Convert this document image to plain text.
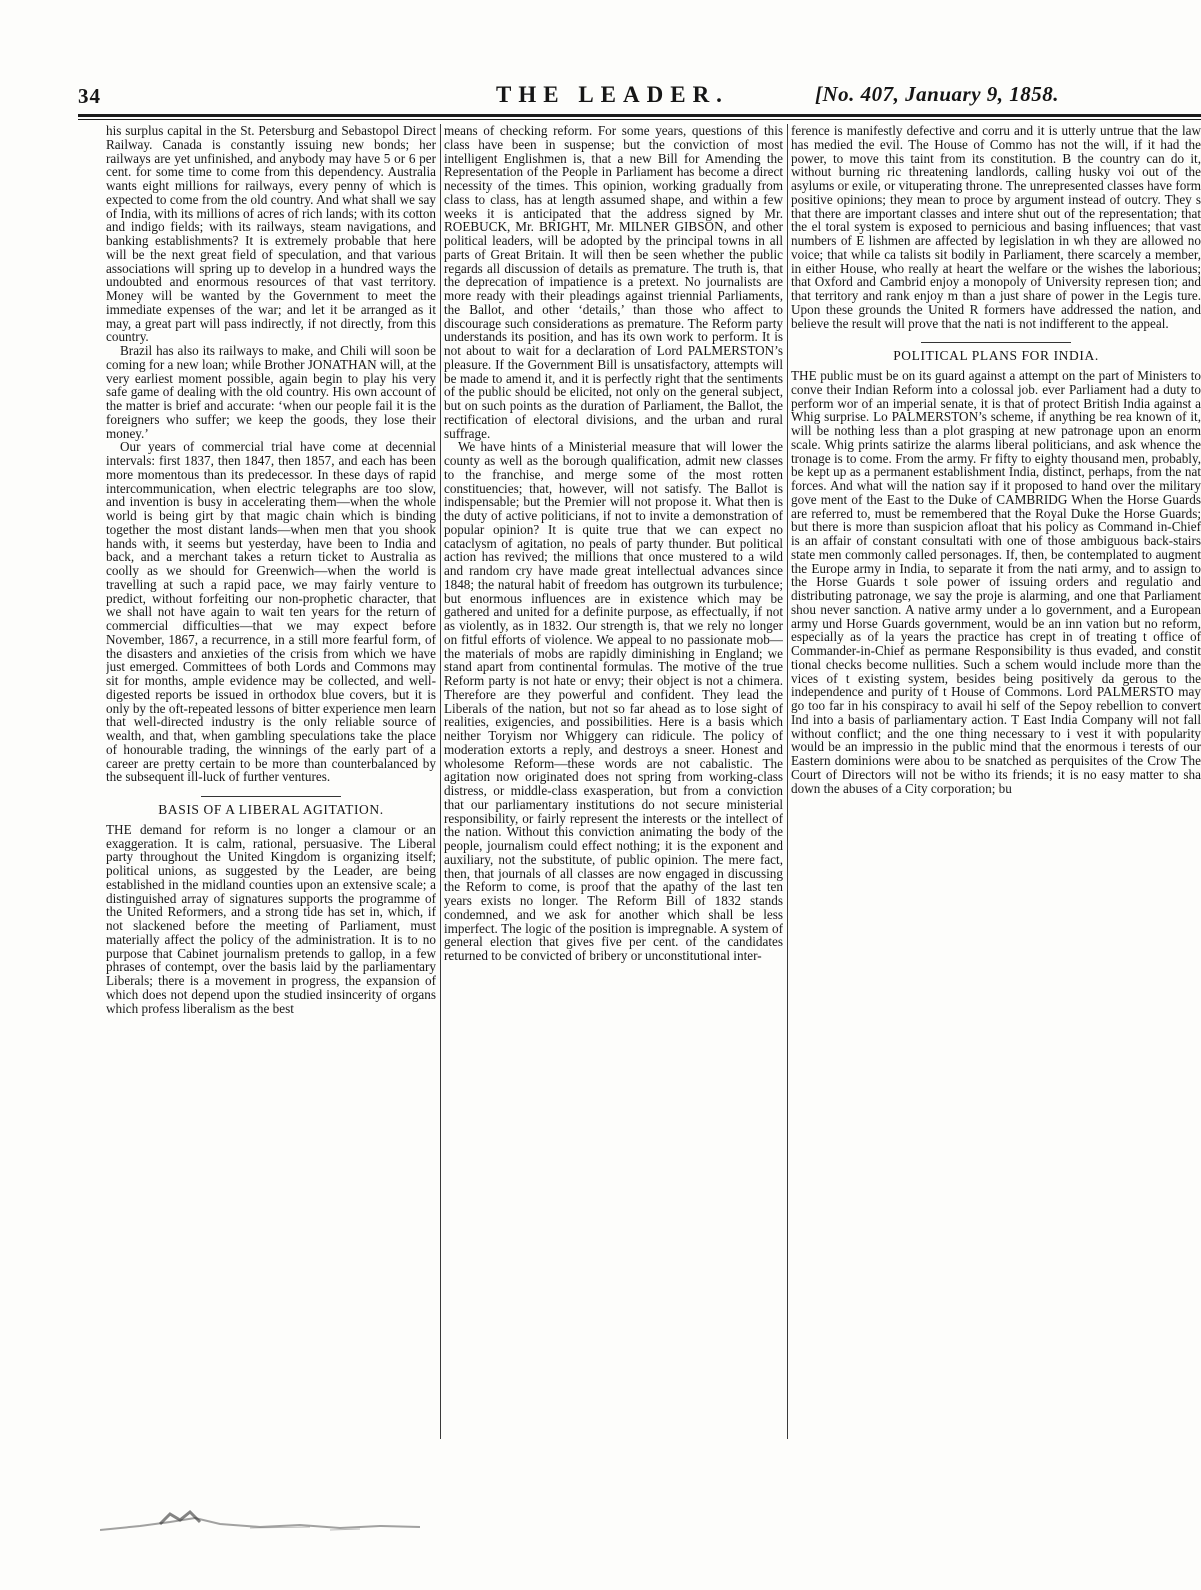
34	THE LEADER.	[No. 407, January 9, 1858.

his surplus capital in the St. Petersburg and Sebastopol Direct Railway. Canada is constantly issuing new bonds; her railways are yet unfinished, and anybody may have 5 or 6 per cent. for some time to come from this dependency. Australia wants eight millions for railways, every penny of which is expected to come from the old country. And what shall we say of India, with its millions of acres of rich lands; with its cotton and indigo fields; with its railways, steam navigations, and banking establishments? It is extremely probable that here will be the next great field of speculation, and that various associations will spring up to develop in a hundred ways the undoubted and enormous resources of that vast territory. Money will be wanted by the Government to meet the immediate expenses of the war; and let it be arranged as it may, a great part will pass indirectly, if not directly, from this country.

Brazil has also its railways to make, and Chili will soon be coming for a new loan; while Brother JONATHAN will, at the very earliest moment possible, again begin to play his very safe game of dealing with the old country. His own account of the matter is brief and accurate: ‘when our people fail it is the foreigners who suffer; we keep the goods, they lose their money.’

Our years of commercial trial have come at decennial intervals: first 1837, then 1847, then 1857, and each has been more momentous than its predecessor. In these days of rapid intercommunication, when electric telegraphs are too slow, and invention is busy in accelerating them—when the whole world is being girt by that magic chain which is binding together the most distant lands—when men that you shook hands with, it seems but yesterday, have been to India and back, and a merchant takes a return ticket to Australia as coolly as we should for Greenwich—when the world is travelling at such a rapid pace, we may fairly venture to predict, without forfeiting our non-prophetic character, that we shall not have again to wait ten years for the return of commercial difficulties—that we may expect before November, 1867, a recurrence, in a still more fearful form, of the disasters and anxieties of the crisis from which we have just emerged. Committees of both Lords and Commons may sit for months, ample evidence may be collected, and well-digested reports be issued in orthodox blue covers, but it is only by the oft-repeated lessons of bitter experience men learn that well-directed industry is the only reliable source of wealth, and that, when gambling speculations take the place of honourable trading, the winnings of the early part of a career are pretty certain to be more than counterbalanced by the subsequent ill-luck of further ventures.

BASIS OF A LIBERAL AGITATION.

THE demand for reform is no longer a clamour or an exaggeration. It is calm, rational, persuasive. The Liberal party throughout the United Kingdom is organizing itself; political unions, as suggested by the Leader, are being established in the midland counties upon an extensive scale; a distinguished array of signatures supports the programme of the United Reformers, and a strong tide has set in, which, if not slackened before the meeting of Parliament, must materially affect the policy of the administration. It is to no purpose that Cabinet journalism pretends to gallop, in a few phrases of contempt, over the basis laid by the parliamentary Liberals; there is a movement in progress, the expansion of which does not depend upon the studied insincerity of organs which profess liberalism as the best

means of checking reform. For some years, questions of this class have been in suspense; but the conviction of most intelligent Englishmen is, that a new Bill for Amending the Representation of the People in Parliament has become a direct necessity of the times. This opinion, working gradually from class to class, has at length assumed shape, and within a few weeks it is anticipated that the address signed by Mr. ROEBUCK, Mr. BRIGHT, Mr. MILNER GIBSON, and other political leaders, will be adopted by the principal towns in all parts of Great Britain. It will then be seen whether the public regards all discussion of details as premature. The truth is, that the deprecation of impatience is a pretext. No journalists are more ready with their pleadings against triennial Parliaments, the Ballot, and other ‘details,’ than those who affect to discourage such considerations as premature. The Reform party understands its position, and has its own work to perform. It is not about to wait for a declaration of Lord PALMERSTON’s pleasure. If the Government Bill is unsatisfactory, attempts will be made to amend it, and it is perfectly right that the sentiments of the public should be elicited, not only on the general subject, but on such points as the duration of Parliament, the Ballot, the rectification of electoral divisions, and the urban and rural suffrage.

We have hints of a Ministerial measure that will lower the county as well as the borough qualification, admit new classes to the franchise, and merge some of the most rotten constituencies; that, however, will not satisfy. The Ballot is indispensable; but the Premier will not propose it. What then is the duty of active politicians, if not to invite a demonstration of popular opinion? It is quite true that we can expect no cataclysm of agitation, no peals of party thunder. But political action has revived; the millions that once mustered to a wild and random cry have made great intellectual advances since 1848; the natural habit of freedom has outgrown its turbulence; but enormous influences are in existence which may be gathered and united for a definite purpose, as effectually, if not as violently, as in 1832. Our strength is, that we rely no longer on fitful efforts of violence. We appeal to no passionate mob—the materials of mobs are rapidly diminishing in England; we stand apart from continental formulas. The motive of the true Reform party is not hate or envy; their object is not a chimera. Therefore are they powerful and confident. They lead the Liberals of the nation, but not so far ahead as to lose sight of realities, exigencies, and possibilities. Here is a basis which neither Toryism nor Whiggery can ridicule. The policy of moderation extorts a reply, and destroys a sneer. Honest and wholesome Reform—these words are not cabalistic. The agitation now originated does not spring from working-class distress, or middle-class exasperation, but from a conviction that our parliamentary institutions do not secure ministerial responsibility, or fairly represent the interests or the intellect of the nation. Without this conviction animating the body of the people, journalism could effect nothing; it is the exponent and auxiliary, not the substitute, of public opinion. The mere fact, then, that journals of all classes are now engaged in discussing the Reform to come, is proof that the apathy of the last ten years exists no longer. The Reform Bill of 1832 stands condemned, and we ask for another which shall be less imperfect. The logic of the position is impregnable. A system of general election that gives five per cent. of the candidates returned to be convicted of bribery or unconstitutional inter-

ference is manifestly defective and corru and it is utterly untrue that the law has medied the evil. The House of Commo has not the will, if it had the power, to move this taint from its constitution. B the country can do it, without burning ric threatening landlords, calling husky voi out of the asylums or exile, or vituperating throne. The unrepresented classes have form positive opinions; they mean to proce by argument instead of outcry. They s that there are important classes and intere shut out of the representation; that the el toral system is exposed to pernicious and basing influences; that vast numbers of E lishmen are affected by legislation in wh they are allowed no voice; that while ca talists sit bodily in Parliament, there scarcely a member, in either House, who really at heart the welfare or the wishes the laborious; that Oxford and Cambrid enjoy a monopoly of University represen tion; and that territory and rank enjoy m than a just share of power in the Legis ture. Upon these grounds the United R formers have addressed the nation, and believe the result will prove that the nati is not indifferent to the appeal.

POLITICAL PLANS FOR INDIA.

THE public must be on its guard against a attempt on the part of Ministers to conve their Indian Reform into a colossal job. ever Parliament had a duty to perform wor of an imperial senate, it is that of protect British India against a Whig surprise. Lo PALMERSTON’s scheme, if anything be rea known of it, will be nothing less than a plot grasping at new patronage upon an enorm scale. Whig prints satirize the alarms liberal politicians, and ask whence the tronage is to come. From the army. Fr fifty to eighty thousand men, probably, be kept up as a permanent establishment India, distinct, perhaps, from the nat forces. And what will the nation say if it proposed to hand over the military gove ment of the East to the Duke of CAMBRIDG When the Horse Guards are referred to, must be remembered that the Royal Duke the Horse Guards; but there is more than suspicion afloat that his policy as Command in-Chief is an affair of constant consultati with one of those ambiguous back-stairs state men commonly called personages. If, then, be contemplated to augment the Europe army in India, to separate it from the nati army, and to assign to the Horse Guards t sole power of issuing orders and regulatio and distributing patronage, we say the proje is alarming, and one that Parliament shou never sanction. A native army under a lo government, and a European army und Horse Guards government, would be an inn vation but no reform, especially as of la years the practice has crept in of treating t office of Commander-in-Chief as permane Responsibility is thus evaded, and constit tional checks become nullities. Such a schem would include more than the vices of t existing system, besides being positively da gerous to the independence and purity of t House of Commons. Lord PALMERSTO may go too far in his conspiracy to avail hi self of the Sepoy rebellion to convert Ind into a basis of parliamentary action. T East India Company will not fall without conflict; and the one thing necessary to i vest it with popularity would be an impressio in the public mind that the enormous i terests of our Eastern dominions were abou to be snatched as perquisites of the Crow The Court of Directors will not be witho its friends; it is no easy matter to sha down the abuses of a City corporation; bu
